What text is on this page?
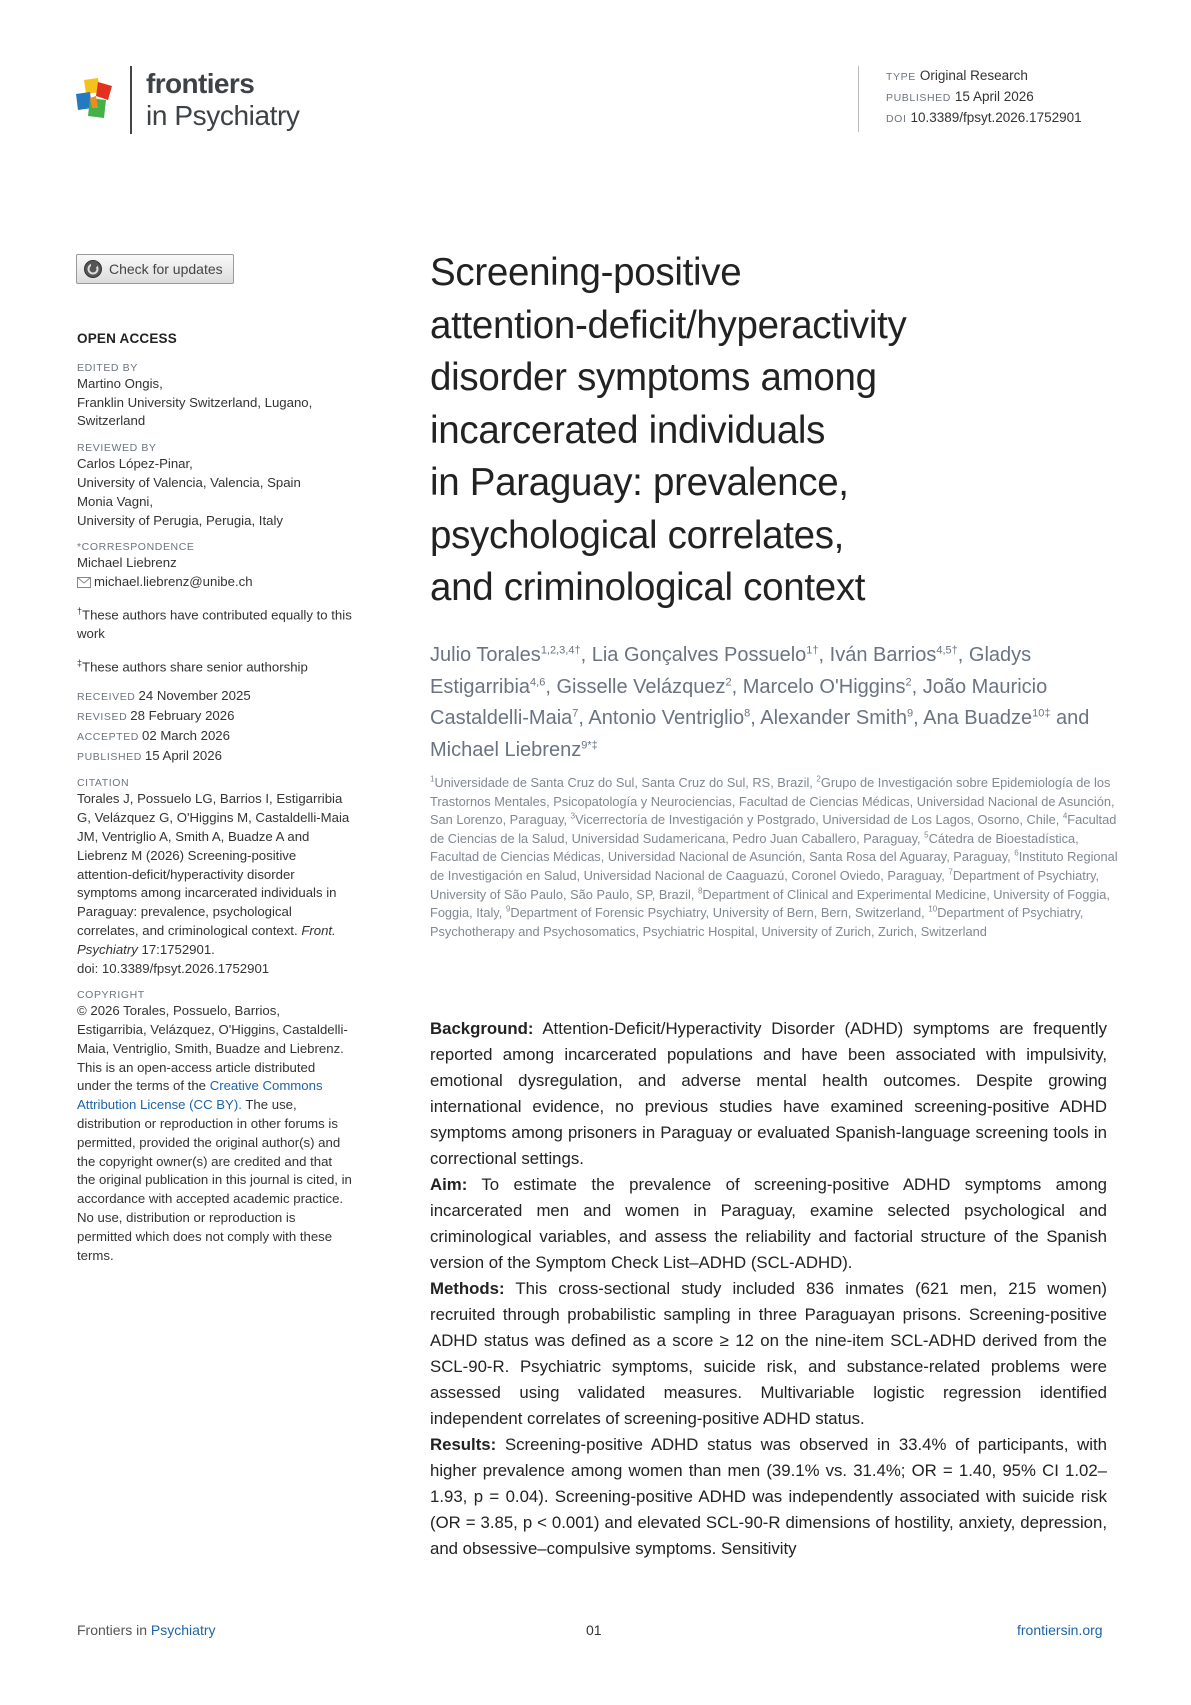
frontiers
in Psychiatry
TYPE Original Research
PUBLISHED 15 April 2026
DOI 10.3389/fpsyt.2026.1752901
Check for updates
OPEN ACCESS
EDITED BY

Martino Ongis,

Franklin University Switzerland, Lugano, Switzerland

REVIEWED BY

Carlos López-Pinar,

University of Valencia, Valencia, Spain

Monia Vagni,

University of Perugia, Perugia, Italy

*CORRESPONDENCE

Michael Liebrenz

michael.liebrenz@unibe.ch

†These authors have contributed equally to this work
‡These authors share senior authorship
RECEIVED 24 November 2025
REVISED 28 February 2026
ACCEPTED 02 March 2026
PUBLISHED 15 April 2026
CITATION
Torales J, Possuelo LG, Barrios I, Estigarribia G, Velázquez G, O'Higgins M, Castaldelli-Maia JM, Ventriglio A, Smith A, Buadze A and Liebrenz M (2026) Screening-positive attention-deficit/hyperactivity disorder symptoms among incarcerated individuals in Paraguay: prevalence, psychological correlates, and criminological context. Front. Psychiatry 17:1752901.
doi: 10.3389/fpsyt.2026.1752901
COPYRIGHT
© 2026 Torales, Possuelo, Barrios, Estigarribia, Velázquez, O'Higgins, Castaldelli-Maia, Ventriglio, Smith, Buadze and Liebrenz. This is an open-access article distributed under the terms of the Creative Commons Attribution License (CC BY). The use, distribution or reproduction in other forums is permitted, provided the original author(s) and the copyright owner(s) are credited and that the original publication in this journal is cited, in accordance with accepted academic practice. No use, distribution or reproduction is permitted which does not comply with these terms.
Screening-positive
attention-deficit/hyperactivity
disorder symptoms among
incarcerated individuals
in Paraguay: prevalence,
psychological correlates,
and criminological context
Julio Torales$^{1,2,3,4\dagger}$, Lia Gonçalves Possuelo$^{1\dagger}$, Iván Barrios$^{4,5\dagger}$, Gladys Estigarribia$^{4,6}$, Gisselle Velázquez$^2$, Marcelo O'Higgins$^2$, João Mauricio Castaldelli-Maia$^7$, Antonio Ventriglio$^8$, Alexander Smith$^9$, Ana Buadze$^{10\ddagger}$ and Michael Liebrenz$^{9*\ddagger}$
$^1$Universidade de Santa Cruz do Sul, Santa Cruz do Sul, RS, Brazil, $^2$Grupo de Investigación sobre Epidemiología de los Trastornos Mentales, Psicopatología y Neurociencias, Facultad de Ciencias Médicas, Universidad Nacional de Asunción, San Lorenzo, Paraguay, $^3$Vicerrectoría de Investigación y Postgrado, Universidad de Los Lagos, Osorno, Chile, $^4$Facultad de Ciencias de la Salud, Universidad Sudamericana, Pedro Juan Caballero, Paraguay, $^5$Cátedra de Bioestadística, Facultad de Ciencias Médicas, Universidad Nacional de Asunción, Santa Rosa del Aguaray, Paraguay, $^6$Instituto Regional de Investigación en Salud, Universidad Nacional de Caaguazú, Coronel Oviedo, Paraguay, $^7$Department of Psychiatry, University of São Paulo, São Paulo, SP, Brazil, $^8$Department of Clinical and Experimental Medicine, University of Foggia, Foggia, Italy, $^9$Department of Forensic Psychiatry, University of Bern, Bern, Switzerland, $^{10}$Department of Psychiatry, Psychotherapy and Psychosomatics, Psychiatric Hospital, University of Zurich, Zurich, Switzerland

Background: Attention-Deficit/Hyperactivity Disorder (ADHD) symptoms are frequently reported among incarcerated populations and have been associated with impulsivity, emotional dysregulation, and adverse mental health outcomes. Despite growing international evidence, no previous studies have examined screening-positive ADHD symptoms among prisoners in Paraguay or evaluated Spanish-language screening tools in correctional settings.

Aim: To estimate the prevalence of screening-positive ADHD symptoms among incarcerated men and women in Paraguay, examine selected psychological and criminological variables, and assess the reliability and factorial structure of the Spanish version of the Symptom Check List–ADHD (SCL-ADHD).

Methods: This cross-sectional study included 836 inmates (621 men, 215 women) recruited through probabilistic sampling in three Paraguayan prisons. Screening-positive ADHD status was defined as a score ≥ 12 on the nine-item SCL-ADHD derived from the SCL-90-R. Psychiatric symptoms, suicide risk, and substance-related problems were assessed using validated measures. Multivariable logistic regression identified independent correlates of screening-positive ADHD status.

Results: Screening-positive ADHD status was observed in 33.4% of participants, with higher prevalence among women than men (39.1% vs. 31.4%; OR = 1.40, 95% CI 1.02–1.93, p = 0.04). Screening-positive ADHD was independently associated with suicide risk (OR = 3.85, p < 0.001) and elevated SCL-90-R dimensions of hostility, anxiety, depression, and obsessive–compulsive symptoms. Sensitivity

Frontiers in Psychiatry	01	frontiersin.org
